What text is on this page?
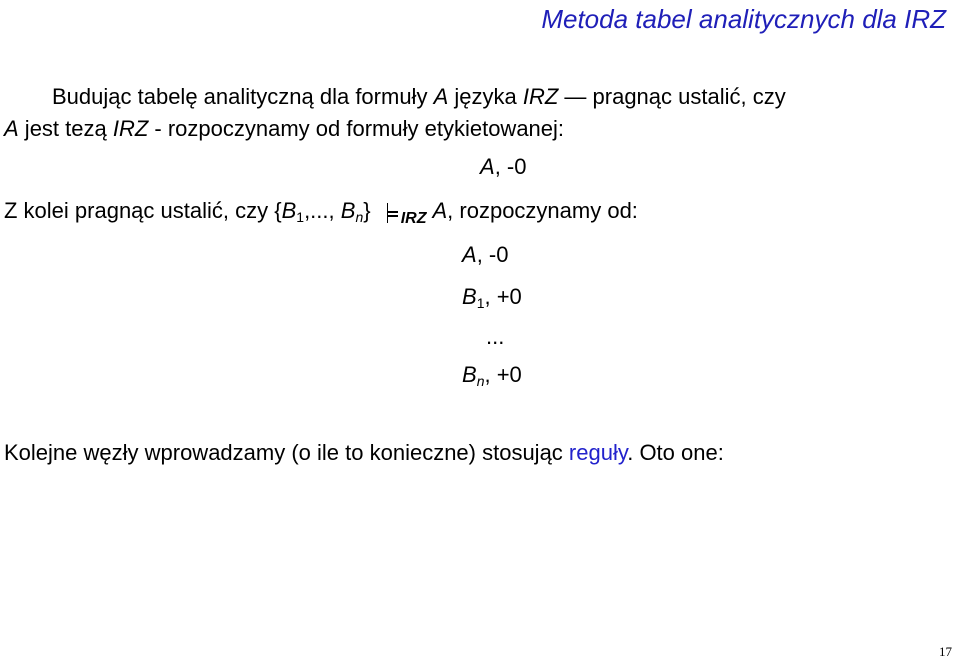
Metoda tabel analitycznych dla IRZ
Budując tabelę analityczną dla formuły A języka IRZ — pragnąc ustalić, czy
A jest tezą IRZ - rozpoczynamy od formuły etykietowanej:
A, -0
Z kolei pragnąc ustalić, czy {$B_1$,..., $B_n$}
$_{IRZ}$ A, rozpoczynamy od:
A, -0
$B_1$, +0
...
$B_n$, +0
Kolejne węzły wprowadzamy (o ile to konieczne) stosując reguły. Oto one:
17
